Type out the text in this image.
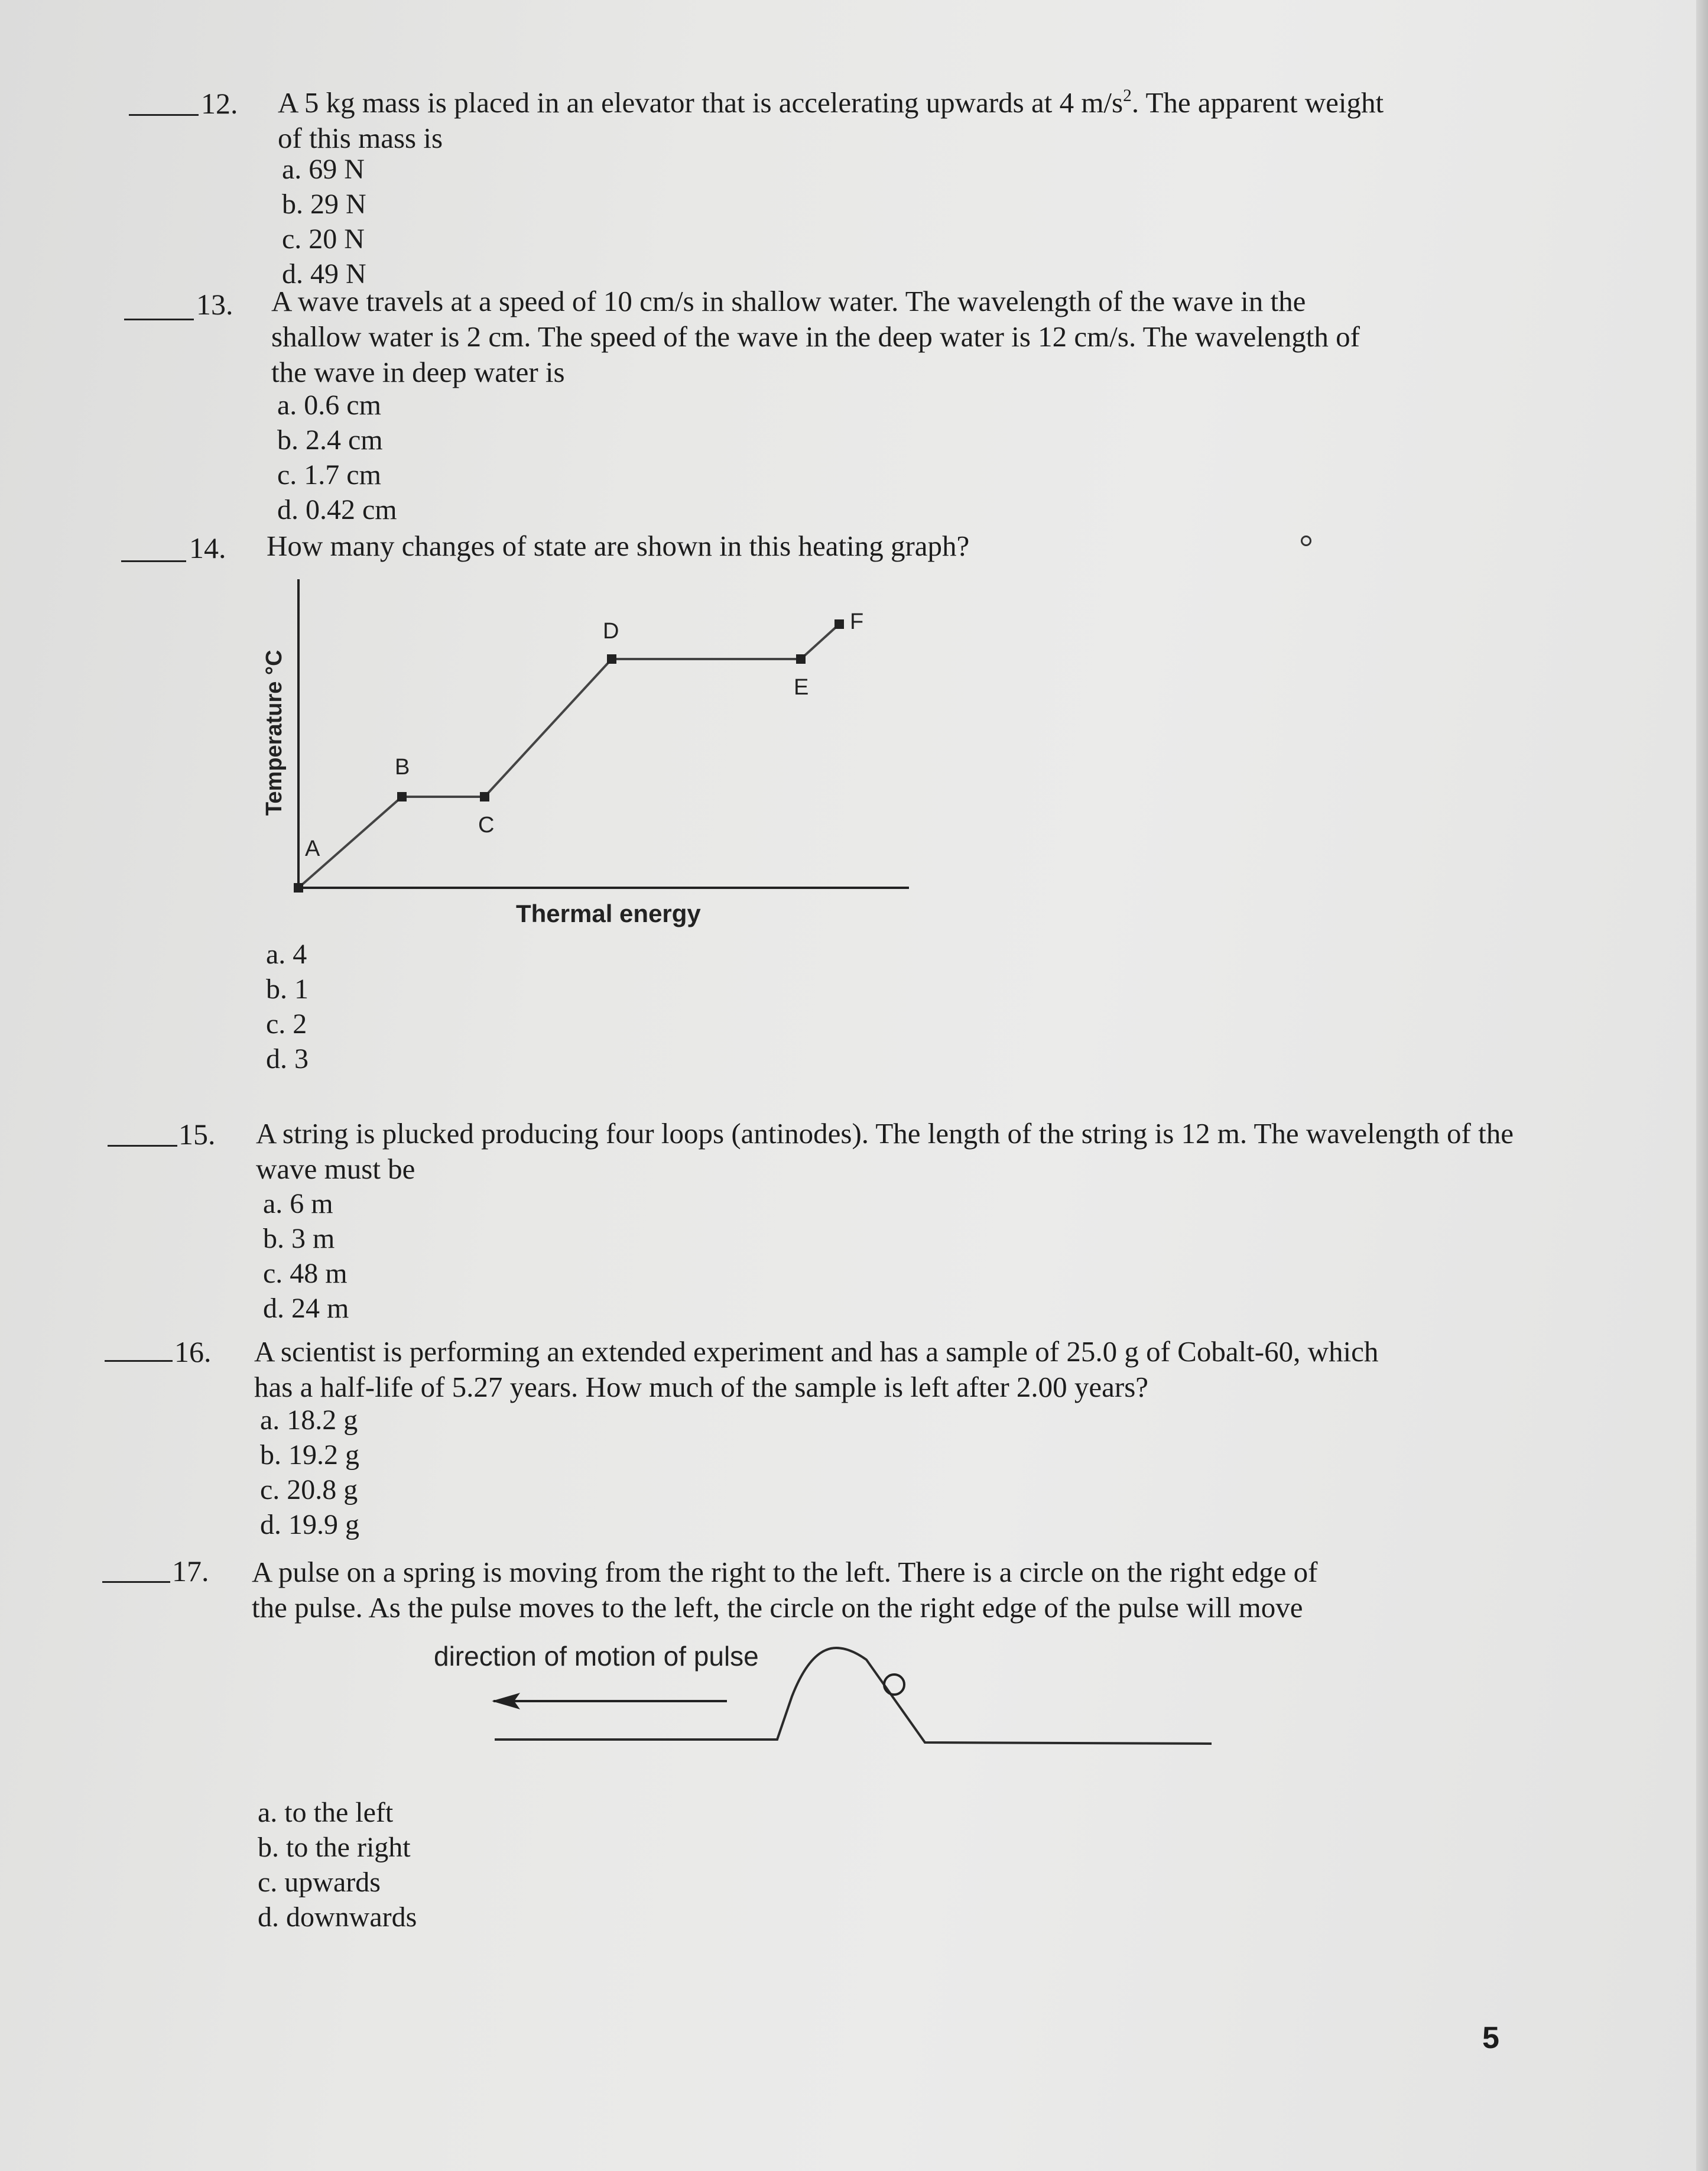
12. A 5 kg mass is placed in an elevator that is accelerating upwards at 4 $m/s^2$. The apparent weight
of this mass is
a. 69 N
b. 29 N
c. 20 N
d. 49 N
13. A wave travels at a speed of 10 cm/s in shallow water. The wavelength of the wave in the
shallow water is 2 cm. The speed of the wave in the deep water is 12 cm/s. The wavelength of
the wave in deep water is
a. 0.6 cm
b. 2.4 cm
c. 1.7 cm
d. 0.42 cm
14. How many changes of state are shown in this heating graph?
A
B
C
D
E
F
Temperature °C
Thermal energy
a. 4
b. 1
c. 2
d. 3
15. A string is plucked producing four loops (antinodes). The length of the string is 12 m. The wavelength of the
wave must be
a. 6 m
b. 3 m
c. 48 m
d. 24 m
16. A scientist is performing an extended experiment and has a sample of 25.0 g of Cobalt-60, which
has a half-life of 5.27 years. How much of the sample is left after 2.00 years?
a. 18.2 g
b. 19.2 g
c. 20.8 g
d. 19.9 g
17. A pulse on a spring is moving from the right to the left. There is a circle on the right edge of
the pulse. As the pulse moves to the left, the circle on the right edge of the pulse will move
direction of motion of pulse
a. to the left
b. to the right
c. upwards
d. downwards
5
